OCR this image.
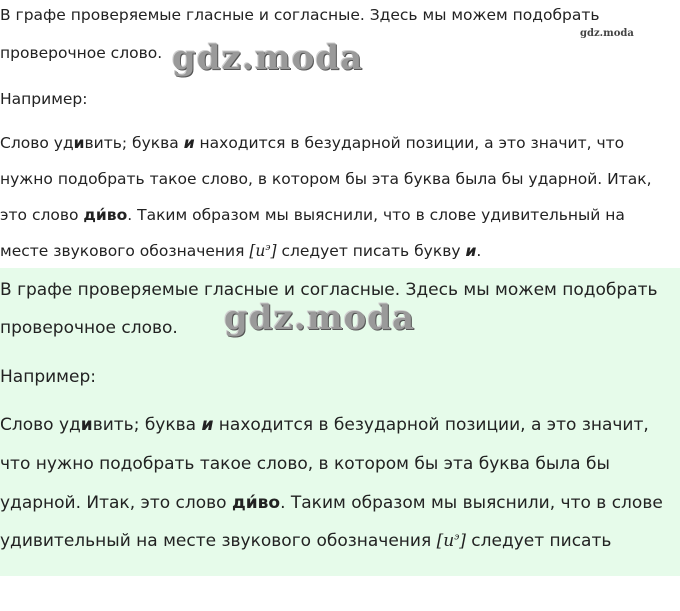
В графе проверяемые гласные и согласные. Здесь мы можем подобрать
проверочное слово.
Например:
Слово удивить; буква и находится в безударной позиции, а это значит, что
нужно подобрать такое слово, в котором бы эта буква была бы ударной. Итак,
это слово ди́во. Таким образом мы выяснили, что в слове удивительный на
месте звукового обозначения $[и^э]$ следует писать букву и.
gdz.moda
gdz.moda
В графе проверяемые гласные и согласные. Здесь мы можем подобрать
проверочное слово.
Например:
Слово удивить; буква и находится в безударной позиции, а это значит,
что нужно подобрать такое слово, в котором бы эта буква была бы
ударной. Итак, это слово ди́во. Таким образом мы выяснили, что в слове
удивительный на месте звукового обозначения $[и^э]$ следует писать
gdz.moda
